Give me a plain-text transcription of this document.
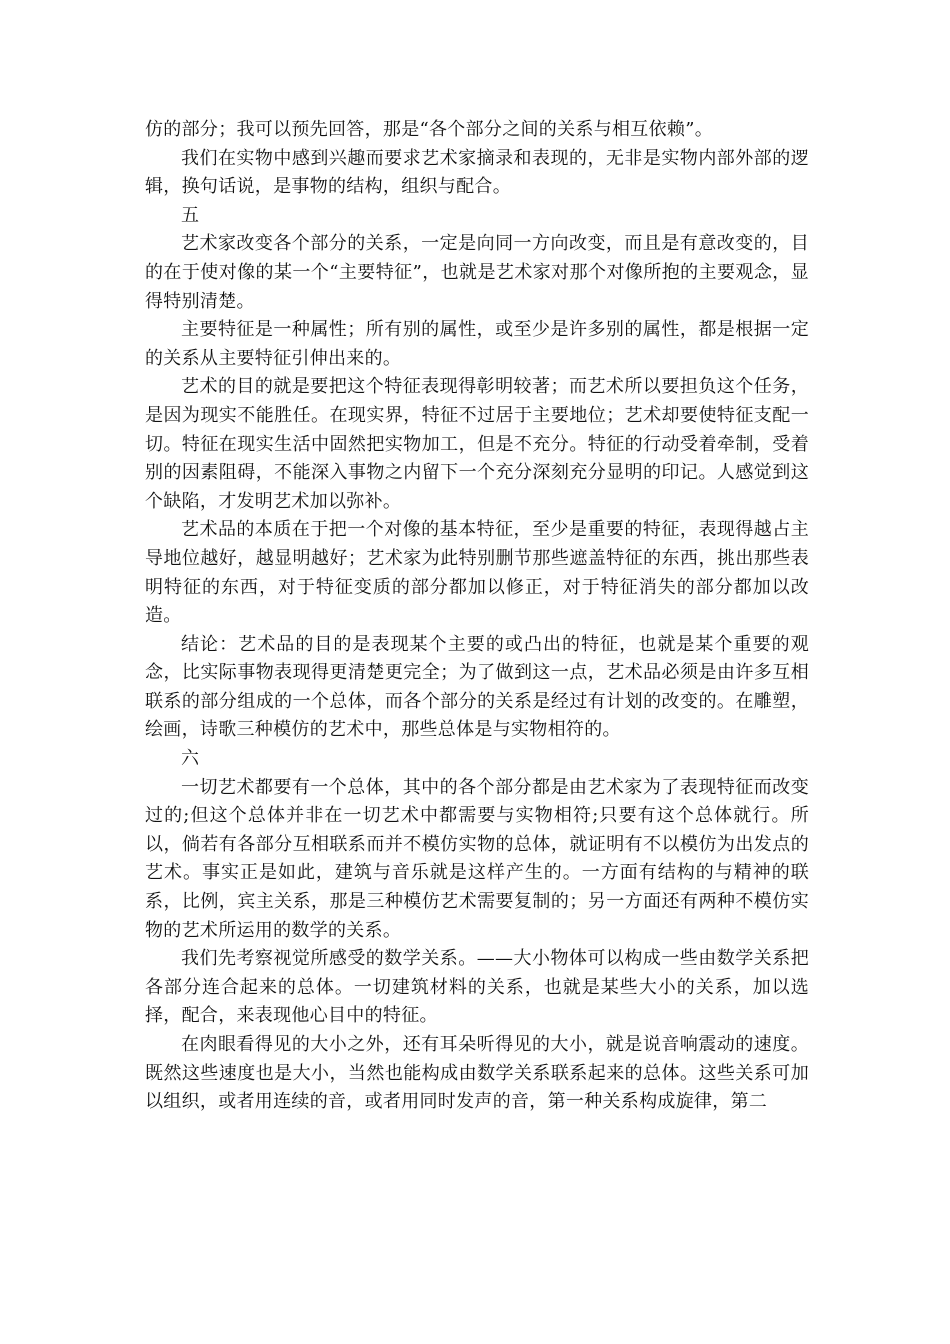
仿的部分；我可以预先回答，那是“各个部分之间的关系与相互依赖”。

我们在实物中感到兴趣而要求艺术家摘录和表现的，无非是实物内部外部的逻辑，换句话说，是事物的结构，组织与配合。

五

艺术家改变各个部分的关系，一定是向同一方向改变，而且是有意改变的，目的在于使对像的某一个“主要特征”，也就是艺术家对那个对像所抱的主要观念，显得特别清楚。

主要特征是一种属性；所有别的属性，或至少是许多别的属性，都是根据一定的关系从主要特征引伸出来的。

艺术的目的就是要把这个特征表现得彰明较著；而艺术所以要担负这个任务，是因为现实不能胜任。在现实界，特征不过居于主要地位；艺术却要使特征支配一切。特征在现实生活中固然把实物加工，但是不充分。特征的行动受着牵制，受着别的因素阻碍，不能深入事物之内留下一个充分深刻充分显明的印记。人感觉到这个缺陷，才发明艺术加以弥补。

艺术品的本质在于把一个对像的基本特征，至少是重要的特征，表现得越占主导地位越好，越显明越好；艺术家为此特别删节那些遮盖特征的东西，挑出那些表明特征的东西，对于特征变质的部分都加以修正，对于特征消失的部分都加以改造。

结论：艺术品的目的是表现某个主要的或凸出的特征，也就是某个重要的观念，比实际事物表现得更清楚更完全；为了做到这一点，艺术品必须是由许多互相联系的部分组成的一个总体，而各个部分的关系是经过有计划的改变的。在雕塑，绘画，诗歌三种模仿的艺术中，那些总体是与实物相符的。

六

一切艺术都要有一个总体，其中的各个部分都是由艺术家为了表现特征而改变过的;但这个总体并非在一切艺术中都需要与实物相符;只要有这个总体就行。所以，倘若有各部分互相联系而并不模仿实物的总体，就证明有不以模仿为出发点的艺术。事实正是如此，建筑与音乐就是这样产生的。一方面有结构的与精神的联系，比例，宾主关系，那是三种模仿艺术需要复制的；另一方面还有两种不模仿实物的艺术所运用的数学的关系。

我们先考察视觉所感受的数学关系。——大小物体可以构成一些由数学关系把各部分连合起来的总体。一切建筑材料的关系，也就是某些大小的关系，加以选择，配合，来表现他心目中的特征。

在肉眼看得见的大小之外，还有耳朵听得见的大小，就是说音响震动的速度。既然这些速度也是大小，当然也能构成由数学关系联系起来的总体。这些关系可加以组织，或者用连续的音，或者用同时发声的音，第一种关系构成旋律，第二
